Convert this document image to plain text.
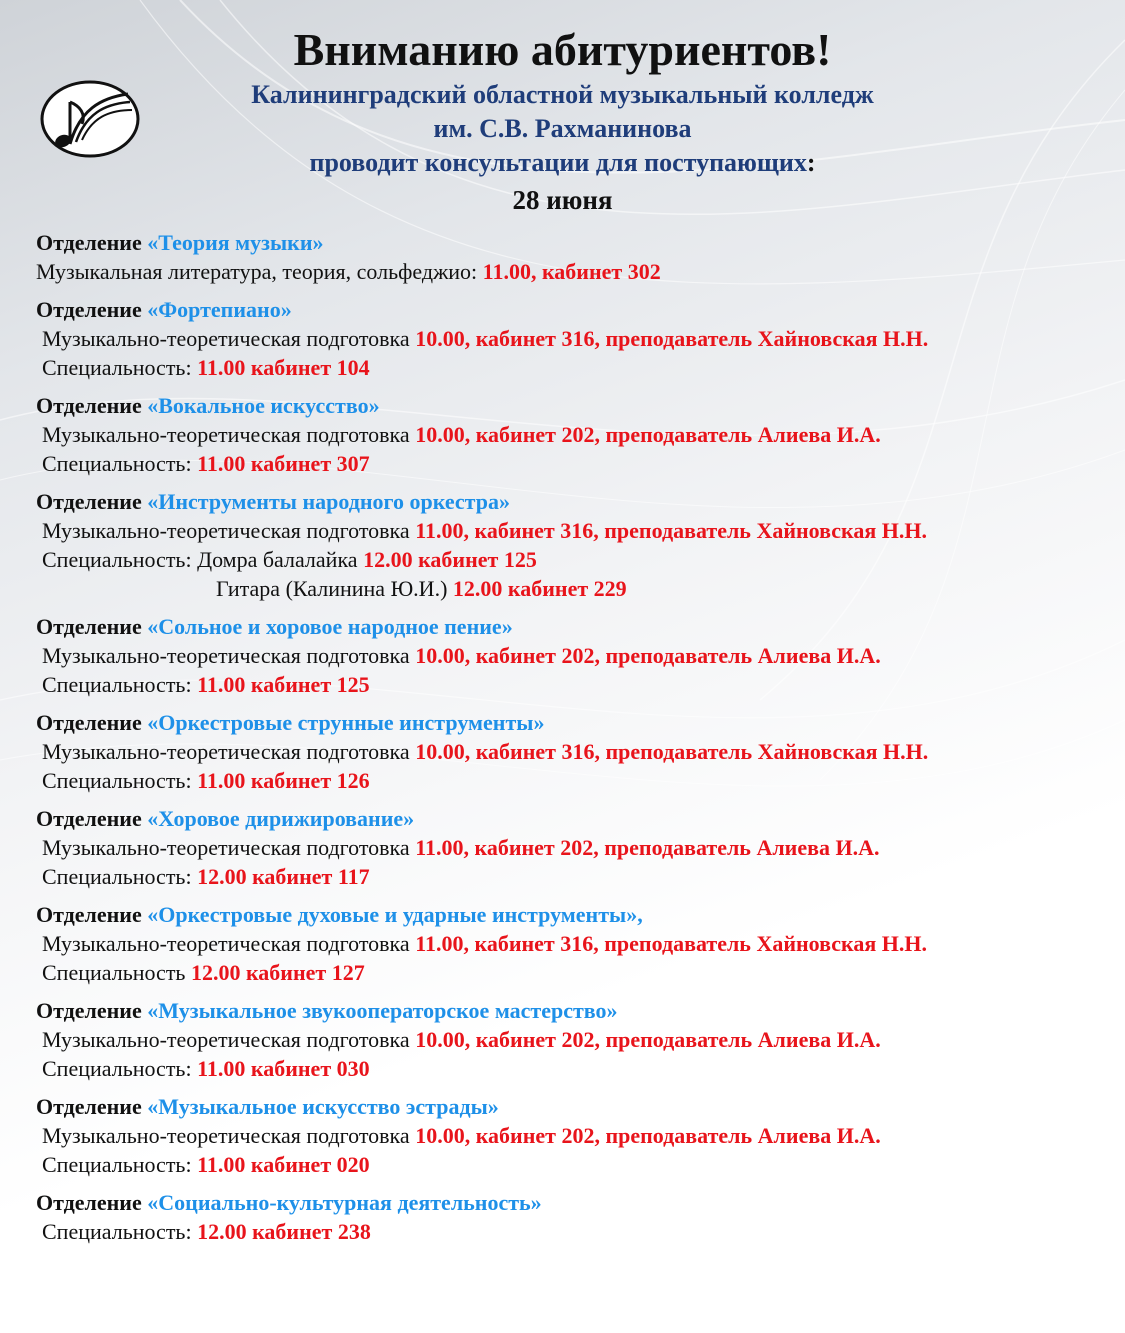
Вниманию абитуриентов!

Калининградский областной музыкальный колледж

им. С.В. Рахманинова

проводит консультации для поступающих:

28 июня

Отделение «Теория музыки»
Музыкальная литература, теория, сольфеджио: 11.00, кабинет 302
Отделение «Фортепиано»
Музыкально-теоретическая подготовка 10.00, кабинет 316, преподаватель Хайновская Н.Н.
Специальность: 11.00 кабинет 104
Отделение «Вокальное искусство»
Музыкально-теоретическая подготовка 10.00, кабинет 202, преподаватель Алиева И.А.
Специальность: 11.00 кабинет 307
Отделение «Инструменты народного оркестра»
Музыкально-теоретическая подготовка 11.00, кабинет 316, преподаватель Хайновская Н.Н.
Специальность: Домра балалайка 12.00 кабинет 125
Гитара (Калинина Ю.И.) 12.00 кабинет 229
Отделение «Сольное и хоровое народное пение»
Музыкально-теоретическая подготовка 10.00, кабинет 202, преподаватель Алиева И.А.
Специальность: 11.00 кабинет 125
Отделение «Оркестровые струнные инструменты»
Музыкально-теоретическая подготовка 10.00, кабинет 316, преподаватель Хайновская Н.Н.
Специальность: 11.00 кабинет 126
Отделение «Хоровое дирижирование»
Музыкально-теоретическая подготовка 11.00, кабинет 202, преподаватель Алиева И.А.
Специальность: 12.00 кабинет 117
Отделение «Оркестровые духовые и ударные инструменты»,
Музыкально-теоретическая подготовка 11.00, кабинет 316, преподаватель Хайновская Н.Н.
Специальность 12.00 кабинет 127
Отделение «Музыкальное звукооператорское мастерство»
Музыкально-теоретическая подготовка 10.00, кабинет 202, преподаватель Алиева И.А.
Специальность: 11.00 кабинет 030
Отделение «Музыкальное искусство эстрады»
Музыкально-теоретическая подготовка 10.00, кабинет 202, преподаватель Алиева И.А.
Специальность: 11.00 кабинет 020
Отделение «Социально-культурная деятельность»
Специальность: 12.00 кабинет 238
